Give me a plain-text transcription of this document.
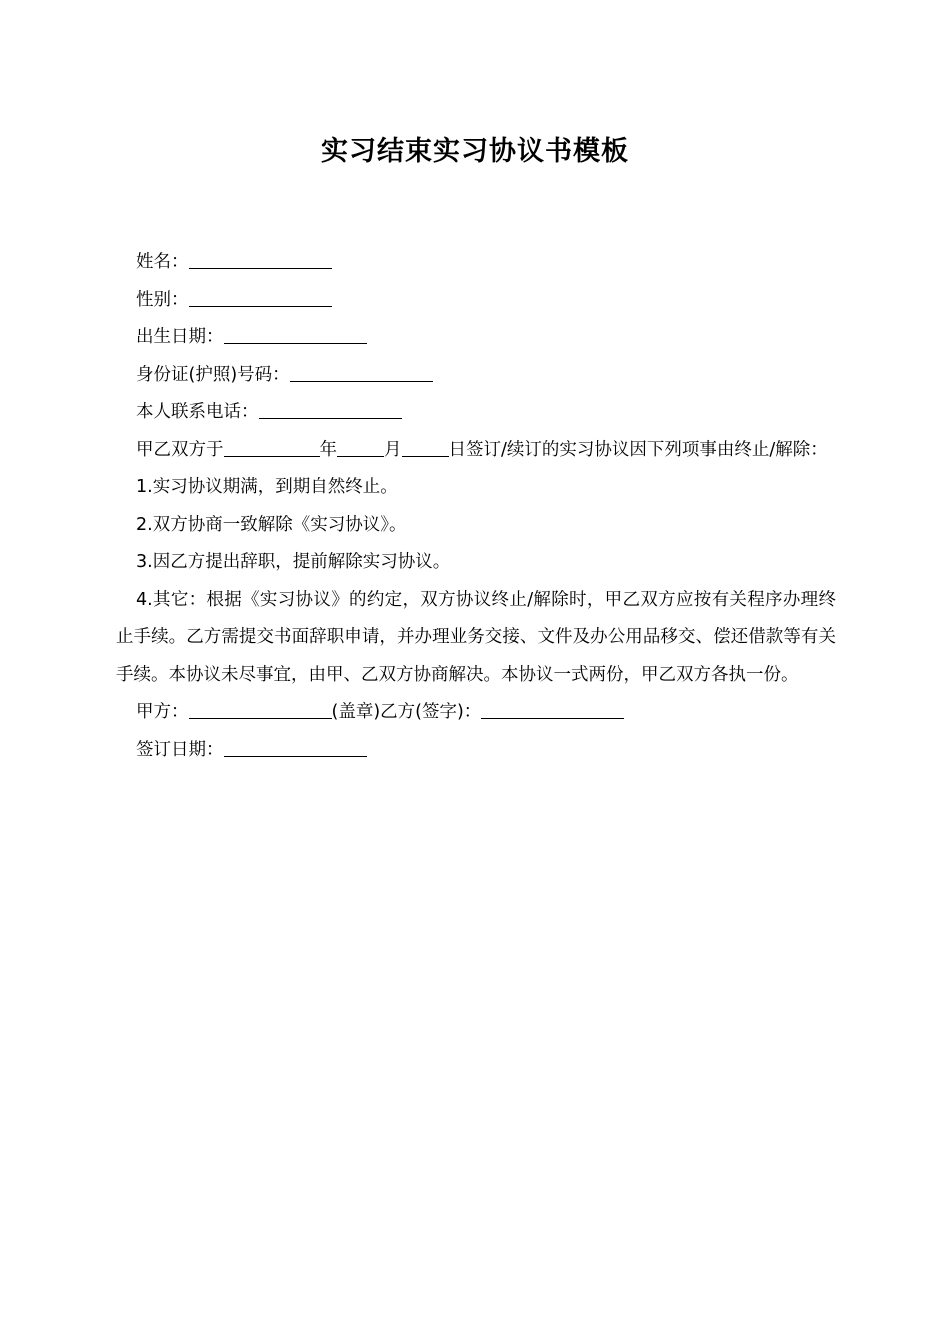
实习结束实习协议书模板

姓名：

性别：

出生日期：

身份证(护照)号码：

本人联系电话：

甲乙双方于	年	月	日签订/续订的实习协议因下列项事由终止/解除：

1.实习协议期满，到期自然终止。

2.双方协商一致解除《实习协议》。

3.因乙方提出辞职，提前解除实习协议。

4.其它：根据《实习协议》的约定，双方协议终止/解除时，甲乙双方应按有关程序办理终止手续。乙方需提交书面辞职申请，并办理业务交接、文件及办公用品移交、偿还借款等有关手续。本协议未尽事宜，由甲、乙双方协商解决。本协议一式两份，甲乙双方各执一份。

甲方：	(盖章)乙方(签字)：

签订日期：
